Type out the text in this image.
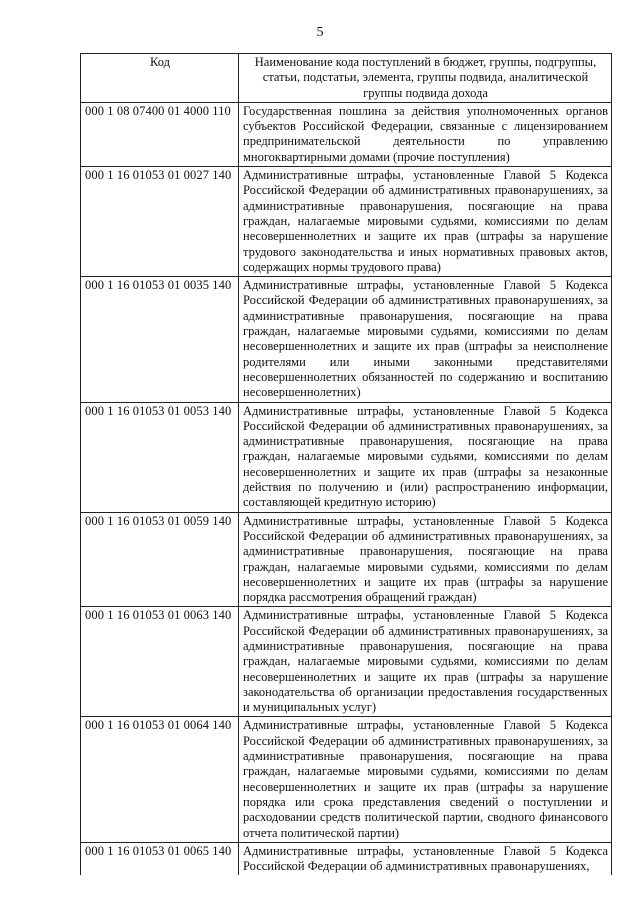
5
Код	Наименование кода поступлений в бюджет, группы, подгруппы, статьи, подстатьи, элемента, группы подвида, аналитической группы подвида дохода
000 1 08 07400 01 4000 110	Государственная пошлина за действия уполномоченных органов субъектов Российской Федерации, связанные с лицензированием предпринимательской деятельности по управлению многоквартирными домами (прочие поступления)
000 1 16 01053 01 0027 140	Административные штрафы, установленные Главой 5 Кодекса Российской Федерации об административных правонарушениях, за административные правонарушения, посягающие на права граждан, налагаемые мировыми судьями, комиссиями по делам несовершеннолетних и защите их прав (штрафы за нарушение трудового законодательства и иных нормативных правовых актов, содержащих нормы трудового права)
000 1 16 01053 01 0035 140	Административные штрафы, установленные Главой 5 Кодекса Российской Федерации об административных правонарушениях, за административные правонарушения, посягающие на права граждан, налагаемые мировыми судьями, комиссиями по делам несовершеннолетних и защите их прав (штрафы за неисполнение родителями или иными законными представителями несовершеннолетних обязанностей по содержанию и воспитанию несовершеннолетних)
000 1 16 01053 01 0053 140	Административные штрафы, установленные Главой 5 Кодекса Российской Федерации об административных правонарушениях, за административные правонарушения, посягающие на права граждан, налагаемые мировыми судьями, комиссиями по делам несовершеннолетних и защите их прав (штрафы за незаконные действия по получению и (или) распространению информации, составляющей кредитную историю)
000 1 16 01053 01 0059 140	Административные штрафы, установленные Главой 5 Кодекса Российской Федерации об административных правонарушениях, за административные правонарушения, посягающие на права граждан, налагаемые мировыми судьями, комиссиями по делам несовершеннолетних и защите их прав (штрафы за нарушение порядка рассмотрения обращений граждан)
000 1 16 01053 01 0063 140	Административные штрафы, установленные Главой 5 Кодекса Российской Федерации об административных правонарушениях, за административные правонарушения, посягающие на права граждан, налагаемые мировыми судьями, комиссиями по делам несовершеннолетних и защите их прав (штрафы за нарушение законодательства об организации предоставления государственных и муниципальных услуг)
000 1 16 01053 01 0064 140	Административные штрафы, установленные Главой 5 Кодекса Российской Федерации об административных правонарушениях, за административные правонарушения, посягающие на права граждан, налагаемые мировыми судьями, комиссиями по делам несовершеннолетних и защите их прав (штрафы за нарушение порядка или срока представления сведений о поступлении и расходовании средств политической партии, сводного финансового отчета политической партии)
000 1 16 01053 01 0065 140	Административные штрафы, установленные Главой 5 Кодекса Российской Федерации об административных правонарушениях,
